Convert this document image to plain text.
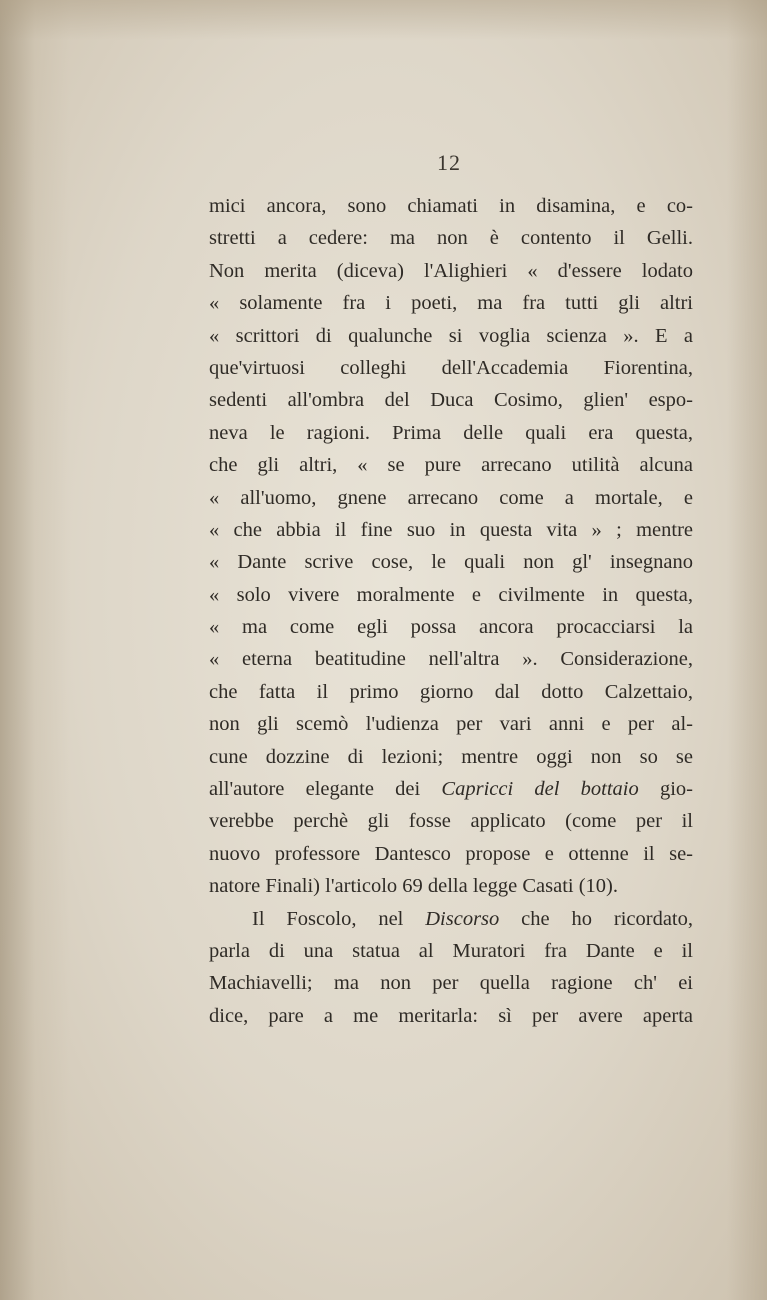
12
mici ancora, sono chiamati in disamina, e co-
stretti a cedere: ma non è contento il Gelli.
Non merita (diceva) l'Alighieri « d'essere lodato
« solamente fra i poeti, ma fra tutti gli altri
« scrittori di qualunche si voglia scienza ». E a
que'virtuosi colleghi dell'Accademia Fiorentina,
sedenti all'ombra del Duca Cosimo, glien' espo-
neva le ragioni. Prima delle quali era questa,
che gli altri, « se pure arrecano utilità alcuna
« all'uomo, gnene arrecano come a mortale, e
« che abbia il fine suo in questa vita » ; mentre
« Dante scrive cose, le quali non gl' insegnano
« solo vivere moralmente e civilmente in questa,
« ma come egli possa ancora procacciarsi la
« eterna beatitudine nell'altra ». Considerazione,
che fatta il primo giorno dal dotto Calzettaio,
non gli scemò l'udienza per vari anni e per al-
cune dozzine di lezioni; mentre oggi non so se
all'autore elegante dei Capricci del bottaio gio-
verebbe perchè gli fosse applicato (come per il
nuovo professore Dantesco propose e ottenne il se-
natore Finali) l'articolo 69 della legge Casati (10).
Il Foscolo, nel Discorso che ho ricordato,
parla di una statua al Muratori fra Dante e il
Machiavelli; ma non per quella ragione ch' ei
dice, pare a me meritarla: sì per avere aperta
